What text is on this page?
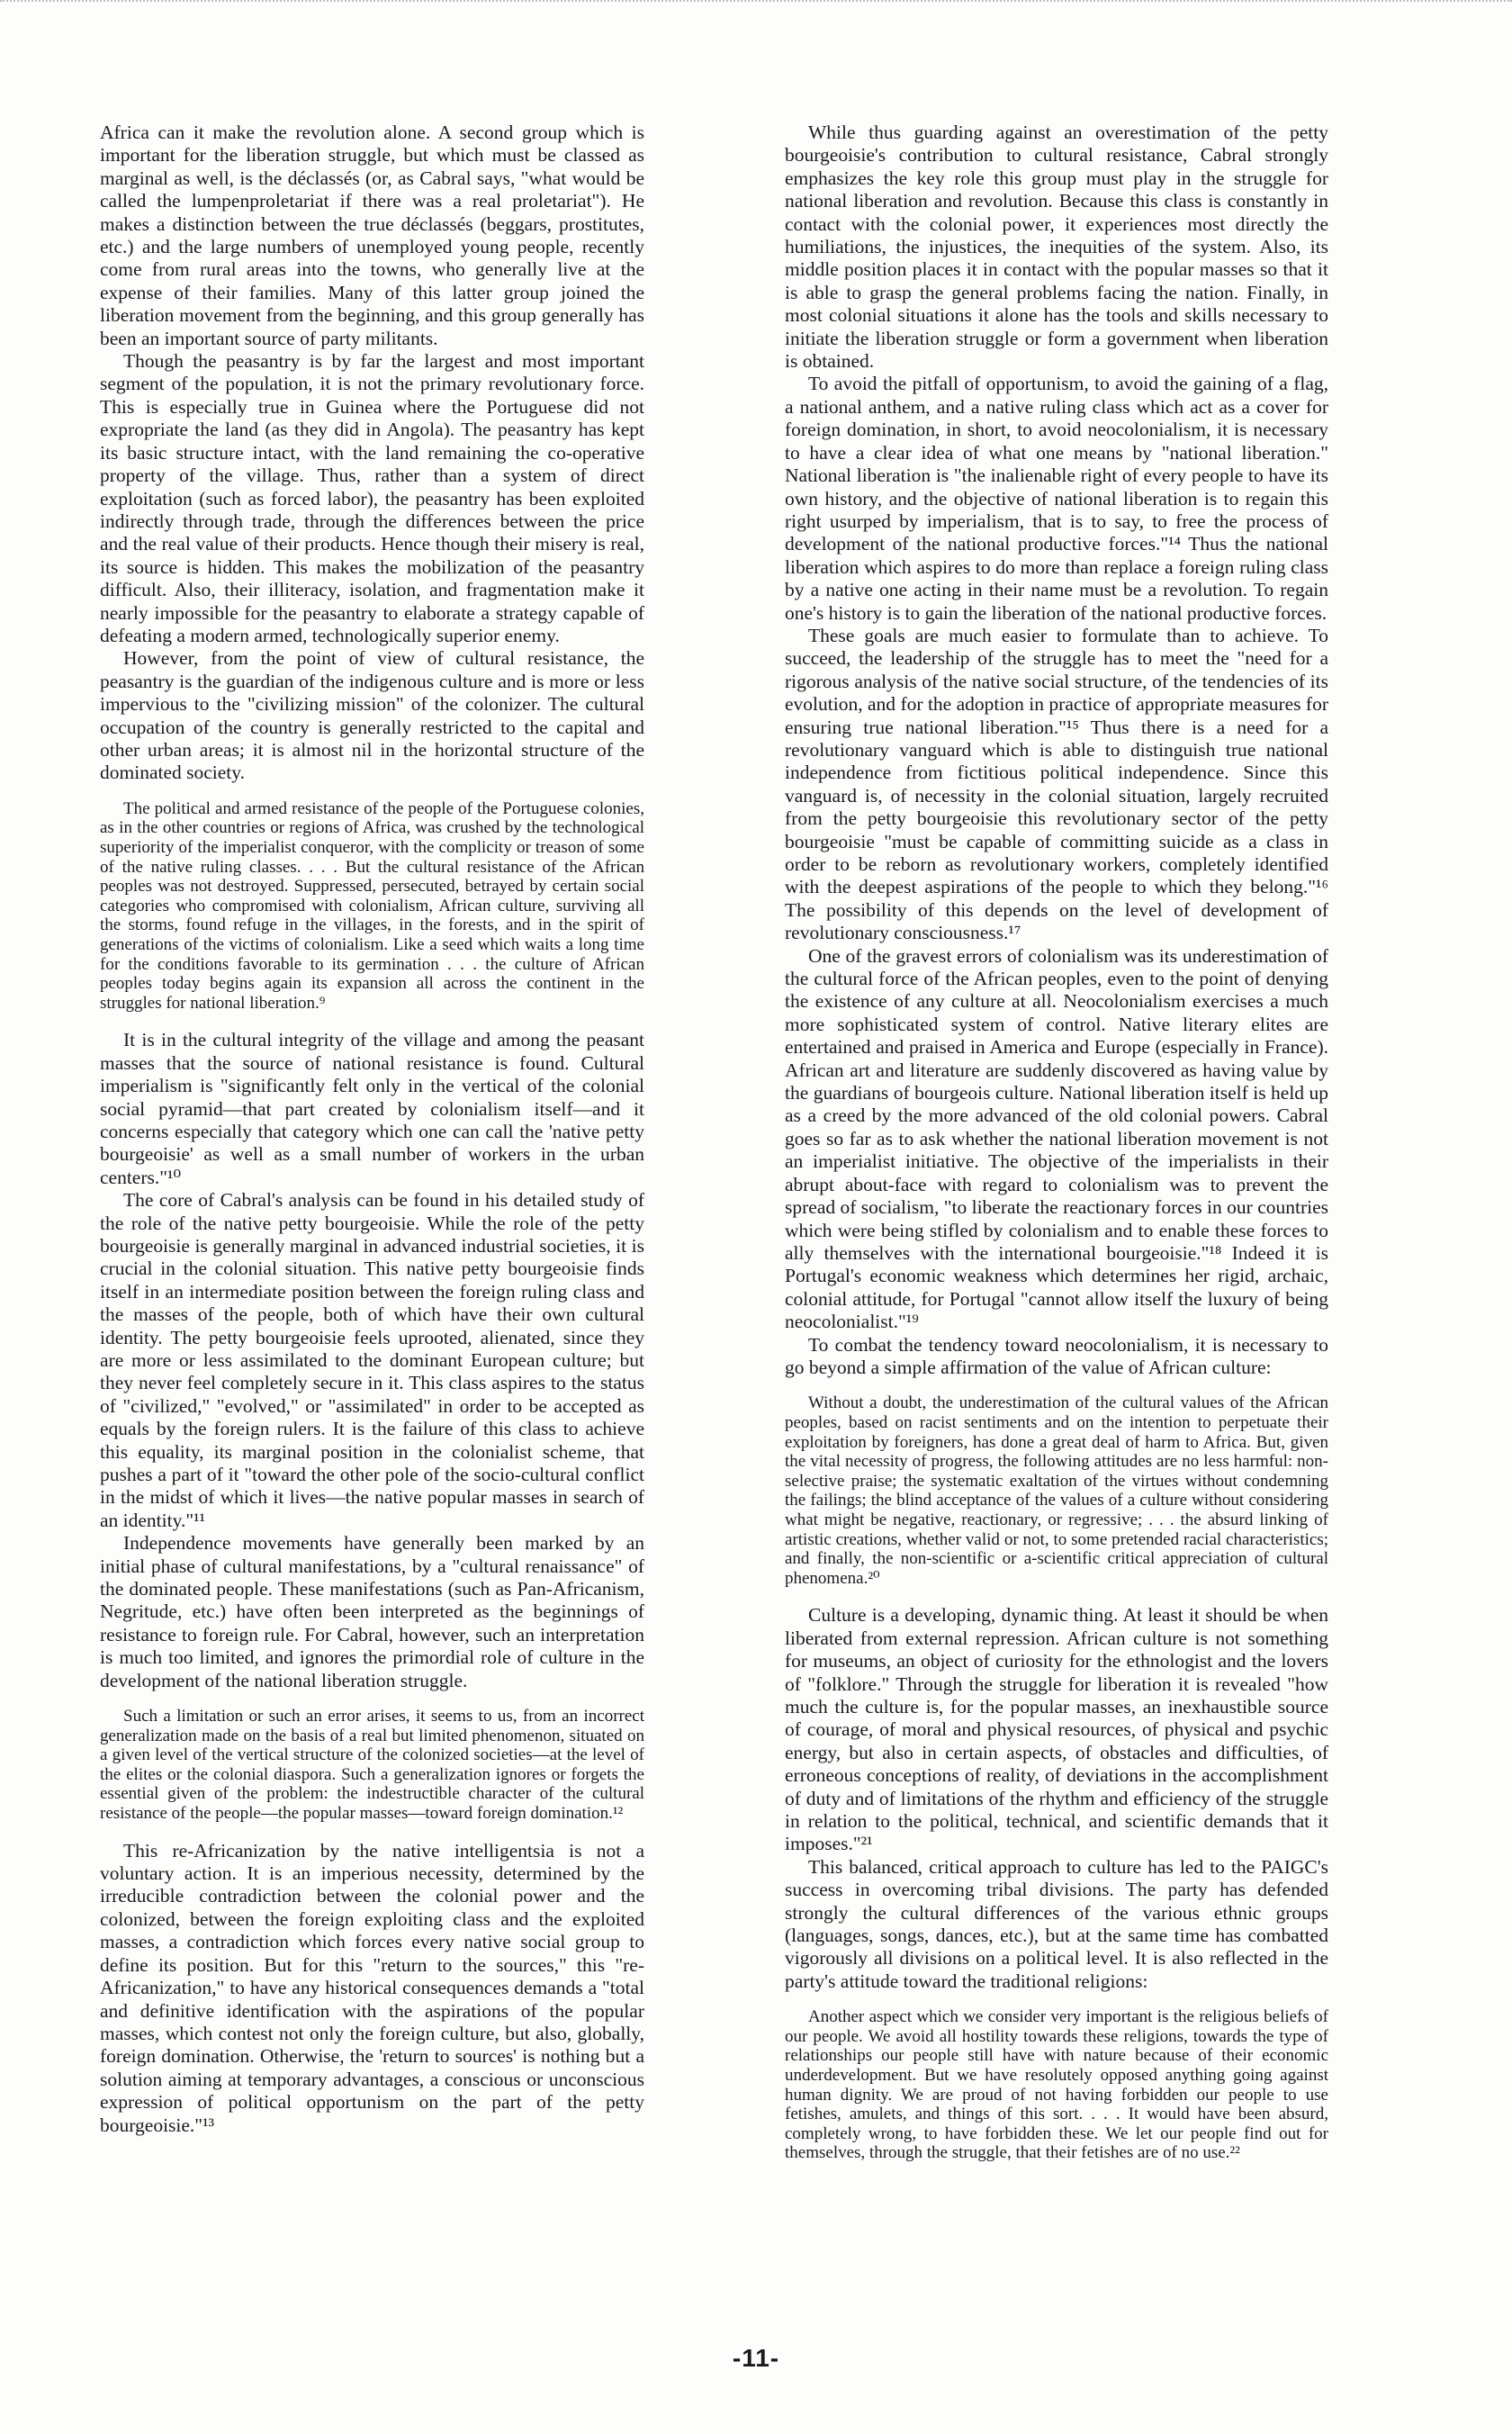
Africa can it make the revolution alone. A second group which is important for the liberation struggle, but which must be classed as marginal as well, is the déclassés (or, as Cabral says, "what would be called the lumpenproletariat if there was a real proletariat"). He makes a distinction between the true déclassés (beggars, prostitutes, etc.) and the large numbers of unemployed young people, recently come from rural areas into the towns, who generally live at the expense of their families. Many of this latter group joined the liberation movement from the beginning, and this group generally has been an important source of party militants.

Though the peasantry is by far the largest and most important segment of the population, it is not the primary revolutionary force. This is especially true in Guinea where the Portuguese did not expropriate the land (as they did in Angola). The peasantry has kept its basic structure intact, with the land remaining the co-operative property of the village. Thus, rather than a system of direct exploitation (such as forced labor), the peasantry has been exploited indirectly through trade, through the differences between the price and the real value of their products. Hence though their misery is real, its source is hidden. This makes the mobilization of the peasantry difficult. Also, their illiteracy, isolation, and fragmentation make it nearly impossible for the peasantry to elaborate a strategy capable of defeating a modern armed, technologically superior enemy.

However, from the point of view of cultural resistance, the peasantry is the guardian of the indigenous culture and is more or less impervious to the "civilizing mission" of the colonizer. The cultural occupation of the country is generally restricted to the capital and other urban areas; it is almost nil in the horizontal structure of the dominated society.

The political and armed resistance of the people of the Portuguese colonies, as in the other countries or regions of Africa, was crushed by the technological superiority of the imperialist conqueror, with the complicity or treason of some of the native ruling classes. . . . But the cultural resistance of the African peoples was not destroyed. Suppressed, persecuted, betrayed by certain social categories who compromised with colonialism, African culture, surviving all the storms, found refuge in the villages, in the forests, and in the spirit of generations of the victims of colonialism. Like a seed which waits a long time for the conditions favorable to its germination . . . the culture of African peoples today begins again its expansion all across the continent in the struggles for national liberation.⁹

It is in the cultural integrity of the village and among the peasant masses that the source of national resistance is found. Cultural imperialism is "significantly felt only in the vertical of the colonial social pyramid—that part created by colonialism itself—and it concerns especially that category which one can call the 'native petty bourgeoisie' as well as a small number of workers in the urban centers."¹⁰

The core of Cabral's analysis can be found in his detailed study of the role of the native petty bourgeoisie. While the role of the petty bourgeoisie is generally marginal in advanced industrial societies, it is crucial in the colonial situation. This native petty bourgeoisie finds itself in an intermediate position between the foreign ruling class and the masses of the people, both of which have their own cultural identity. The petty bourgeoisie feels uprooted, alienated, since they are more or less assimilated to the dominant European culture; but they never feel completely secure in it. This class aspires to the status of "civilized," "evolved," or "assimilated" in order to be accepted as equals by the foreign rulers. It is the failure of this class to achieve this equality, its marginal position in the colonialist scheme, that pushes a part of it "toward the other pole of the socio-cultural conflict in the midst of which it lives—the native popular masses in search of an identity."¹¹

Independence movements have generally been marked by an initial phase of cultural manifestations, by a "cultural renaissance" of the dominated people. These manifestations (such as Pan-Africanism, Negritude, etc.) have often been interpreted as the beginnings of resistance to foreign rule. For Cabral, however, such an interpretation is much too limited, and ignores the primordial role of culture in the development of the national liberation struggle.

Such a limitation or such an error arises, it seems to us, from an incorrect generalization made on the basis of a real but limited phenomenon, situated on a given level of the vertical structure of the colonized societies—at the level of the elites or the colonial diaspora. Such a generalization ignores or forgets the essential given of the problem: the indestructible character of the cultural resistance of the people—the popular masses—toward foreign domination.¹²

This re-Africanization by the native intelligentsia is not a voluntary action. It is an imperious necessity, determined by the irreducible contradiction between the colonial power and the colonized, between the foreign exploiting class and the exploited masses, a contradiction which forces every native social group to define its position. But for this "return to the sources," this "re-Africanization," to have any historical consequences demands a "total and definitive identification with the aspirations of the popular masses, which contest not only the foreign culture, but also, globally, foreign domination. Otherwise, the 'return to sources' is nothing but a solution aiming at temporary advantages, a conscious or unconscious expression of political opportunism on the part of the petty bourgeoisie."¹³

While thus guarding against an overestimation of the petty bourgeoisie's contribution to cultural resistance, Cabral strongly emphasizes the key role this group must play in the struggle for national liberation and revolution. Because this class is constantly in contact with the colonial power, it experiences most directly the humiliations, the injustices, the inequities of the system. Also, its middle position places it in contact with the popular masses so that it is able to grasp the general problems facing the nation. Finally, in most colonial situations it alone has the tools and skills necessary to initiate the liberation struggle or form a government when liberation is obtained.

To avoid the pitfall of opportunism, to avoid the gaining of a flag, a national anthem, and a native ruling class which act as a cover for foreign domination, in short, to avoid neocolonialism, it is necessary to have a clear idea of what one means by "national liberation." National liberation is "the inalienable right of every people to have its own history, and the objective of national liberation is to regain this right usurped by imperialism, that is to say, to free the process of development of the national productive forces."¹⁴ Thus the national liberation which aspires to do more than replace a foreign ruling class by a native one acting in their name must be a revolution. To regain one's history is to gain the liberation of the national productive forces.

These goals are much easier to formulate than to achieve. To succeed, the leadership of the struggle has to meet the "need for a rigorous analysis of the native social structure, of the tendencies of its evolution, and for the adoption in practice of appropriate measures for ensuring true national liberation."¹⁵ Thus there is a need for a revolutionary vanguard which is able to distinguish true national independence from fictitious political independence. Since this vanguard is, of necessity in the colonial situation, largely recruited from the petty bourgeoisie this revolutionary sector of the petty bourgeoisie "must be capable of committing suicide as a class in order to be reborn as revolutionary workers, completely identified with the deepest aspirations of the people to which they belong."¹⁶ The possibility of this depends on the level of development of revolutionary consciousness.¹⁷

One of the gravest errors of colonialism was its underestimation of the cultural force of the African peoples, even to the point of denying the existence of any culture at all. Neocolonialism exercises a much more sophisticated system of control. Native literary elites are entertained and praised in America and Europe (especially in France). African art and literature are suddenly discovered as having value by the guardians of bourgeois culture. National liberation itself is held up as a creed by the more advanced of the old colonial powers. Cabral goes so far as to ask whether the national liberation movement is not an imperialist initiative. The objective of the imperialists in their abrupt about-face with regard to colonialism was to prevent the spread of socialism, "to liberate the reactionary forces in our countries which were being stifled by colonialism and to enable these forces to ally themselves with the international bourgeoisie."¹⁸ Indeed it is Portugal's economic weakness which determines her rigid, archaic, colonial attitude, for Portugal "cannot allow itself the luxury of being neocolonialist."¹⁹

To combat the tendency toward neocolonialism, it is necessary to go beyond a simple affirmation of the value of African culture:

Without a doubt, the underestimation of the cultural values of the African peoples, based on racist sentiments and on the intention to perpetuate their exploitation by foreigners, has done a great deal of harm to Africa. But, given the vital necessity of progress, the following attitudes are no less harmful: non-selective praise; the systematic exaltation of the virtues without condemning the failings; the blind acceptance of the values of a culture without considering what might be negative, reactionary, or regressive; . . . the absurd linking of artistic creations, whether valid or not, to some pretended racial characteristics; and finally, the non-scientific or a-scientific critical appreciation of cultural phenomena.²⁰

Culture is a developing, dynamic thing. At least it should be when liberated from external repression. African culture is not something for museums, an object of curiosity for the ethnologist and the lovers of "folklore." Through the struggle for liberation it is revealed "how much the culture is, for the popular masses, an inexhaustible source of courage, of moral and physical resources, of physical and psychic energy, but also in certain aspects, of obstacles and difficulties, of erroneous conceptions of reality, of deviations in the accomplishment of duty and of limitations of the rhythm and efficiency of the struggle in relation to the political, technical, and scientific demands that it imposes."²¹

This balanced, critical approach to culture has led to the PAIGC's success in overcoming tribal divisions. The party has defended strongly the cultural differences of the various ethnic groups (languages, songs, dances, etc.), but at the same time has combatted vigorously all divisions on a political level. It is also reflected in the party's attitude toward the traditional religions:

Another aspect which we consider very important is the religious beliefs of our people. We avoid all hostility towards these religions, towards the type of relationships our people still have with nature because of their economic underdevelopment. But we have resolutely opposed anything going against human dignity. We are proud of not having forbidden our people to use fetishes, amulets, and things of this sort. . . . It would have been absurd, completely wrong, to have forbidden these. We let our people find out for themselves, through the struggle, that their fetishes are of no use.²²
-11-
